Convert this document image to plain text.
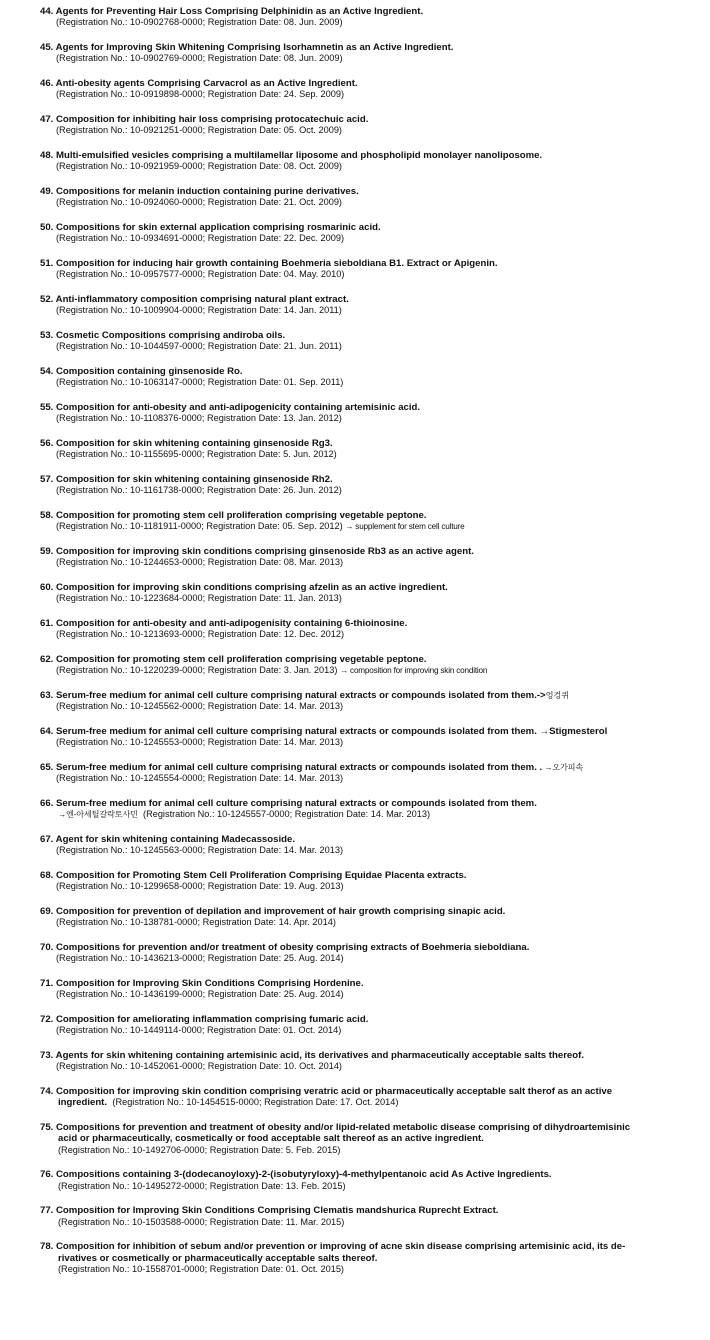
44. Agents for Preventing Hair Loss Comprising Delphinidin as an Active Ingredient.
(Registration No.: 10-0902768-0000; Registration Date: 08. Jun. 2009)
45. Agents for Improving Skin Whitening Comprising Isorhamnetin as an Active Ingredient.
(Registration No.: 10-0902769-0000; Registration Date: 08. Jun. 2009)
46. Anti-obesity agents Comprising Carvacrol as an Active Ingredient.
(Registration No.: 10-0919898-0000; Registration Date: 24. Sep. 2009)
47. Composition for inhibiting hair loss comprising protocatechuic acid.
(Registration No.: 10-0921251-0000; Registration Date: 05. Oct. 2009)
48. Multi-emulsified vesicles comprising a multilamellar liposome and phospholipid monolayer nanoliposome.
(Registration No.: 10-0921959-0000; Registration Date: 08. Oct. 2009)
49. Compositions for melanin induction containing purine derivatives.
(Registration No.: 10-0924060-0000; Registration Date: 21. Oct. 2009)
50. Compositions for skin external application comprising rosmarinic acid.
(Registration No.: 10-0934691-0000; Registration Date: 22. Dec. 2009)
51. Composition for inducing hair growth containing Boehmeria sieboldiana B1. Extract or Apigenin.
(Registration No.: 10-0957577-0000; Registration Date: 04. May. 2010)
52. Anti-inflammatory composition comprising natural plant extract.
(Registration No.: 10-1009904-0000; Registration Date: 14. Jan. 2011)
53. Cosmetic Compositions comprising andiroba oils.
(Registration No.: 10-1044597-0000; Registration Date: 21. Jun. 2011)
54. Composition containing ginsenoside Ro.
(Registration No.: 10-1063147-0000; Registration Date: 01. Sep. 2011)
55. Composition for anti-obesity and anti-adipogenicity containing artemisinic acid.
(Registration No.: 10-1108376-0000; Registration Date: 13. Jan. 2012)
56. Composition for skin whitening containing ginsenoside Rg3.
(Registration No.: 10-1155695-0000; Registration Date: 5. Jun. 2012)
57. Composition for skin whitening containing ginsenoside Rh2.
(Registration No.: 10-1161738-0000; Registration Date: 26. Jun. 2012)
58. Composition for promoting stem cell proliferation comprising vegetable peptone.
(Registration No.: 10-1181911-0000; Registration Date: 05. Sep. 2012) → supplement for stem cell culture
59. Composition for improving skin conditions comprising ginsenoside Rb3 as an active agent.
(Registration No.: 10-1244653-0000; Registration Date: 08. Mar. 2013)
60. Composition for improving skin conditions comprising afzelin as an active ingredient.
(Registration No.: 10-1223684-0000; Registration Date: 11. Jan. 2013)
61. Composition for anti-obesity and anti-adipogenisity containing 6-thioinosine.
(Registration No.: 10-1213693-0000; Registration Date: 12. Dec. 2012)
62. Composition for promoting stem cell proliferation comprising vegetable peptone.
(Registration No.: 10-1220239-0000; Registration Date: 3. Jan. 2013) → composition for improving skin condition
63. Serum-free medium for animal cell culture comprising natural extracts or compounds isolated from them.->엉겅퀴
(Registration No.: 10-1245562-0000; Registration Date: 14. Mar. 2013)
64. Serum-free medium for animal cell culture comprising natural extracts or compounds isolated from them. →Stigmesterol
(Registration No.: 10-1245553-0000; Registration Date: 14. Mar. 2013)
65. Serum-free medium for animal cell culture comprising natural extracts or compounds isolated from them. . →오가피속
(Registration No.: 10-1245554-0000; Registration Date: 14. Mar. 2013)
66. Serum-free medium for animal cell culture comprising natural extracts or compounds isolated from them.
→엔-아세틸갈락토사민 (Registration No.: 10-1245557-0000; Registration Date: 14. Mar. 2013)
67. Agent for skin whitening containing Madecassoside.
(Registration No.: 10-1245563-0000; Registration Date: 14. Mar. 2013)
68. Composition for Promoting Stem Cell Proliferation Comprising Equidae Placenta extracts.
(Registration No.: 10-1299658-0000; Registration Date: 19. Aug. 2013)
69. Composition for prevention of depilation and improvement of hair growth comprising sinapic acid.
(Registration No.: 10-138781-0000; Registration Date: 14. Apr. 2014)
70. Compositions for prevention and/or treatment of obesity comprising extracts of Boehmeria sieboldiana.
(Registration No.: 10-1436213-0000; Registration Date: 25. Aug. 2014)
71. Composition for Improving Skin Conditions Comprising Hordenine.
(Registration No.: 10-1436199-0000; Registration Date: 25. Aug. 2014)
72. Composition for ameliorating inflammation comprising fumaric acid.
(Registration No.: 10-1449114-0000; Registration Date: 01. Oct. 2014)
73. Agents for skin whitening containing artemisinic acid, its derivatives and pharmaceutically acceptable salts thereof.
(Registration No.: 10-1452061-0000; Registration Date: 10. Oct. 2014)
74. Composition for improving skin condition comprising veratric acid or pharmaceutically acceptable salt therof as an active
ingredient. (Registration No.: 10-1454515-0000; Registration Date: 17. Oct. 2014)
75. Compositions for prevention and treatment of obesity and/or lipid-related metabolic disease comprising of dihydroartemisinic
acid or pharmaceutically, cosmetically or food acceptable salt thereof as an active ingredient.
(Registration No.: 10-1492706-0000; Registration Date: 5. Feb. 2015)
76. Compositions containing 3-(dodecanoyloxy)-2-(isobutyryloxy)-4-methylpentanoic acid As Active Ingredients.
(Registration No.: 10-1495272-0000; Registration Date: 13. Feb. 2015)
77. Composition for Improving Skin Conditions Comprising Clematis mandshurica Ruprecht Extract.
(Registration No.: 10-1503588-0000; Registration Date: 11. Mar. 2015)
78. Composition for inhibition of sebum and/or prevention or improving of acne skin disease comprising artemisinic acid, its de-
rivatives or cosmetically or pharmaceutically acceptable salts thereof.
(Registration No.: 10-1558701-0000; Registration Date: 01. Oct. 2015)
